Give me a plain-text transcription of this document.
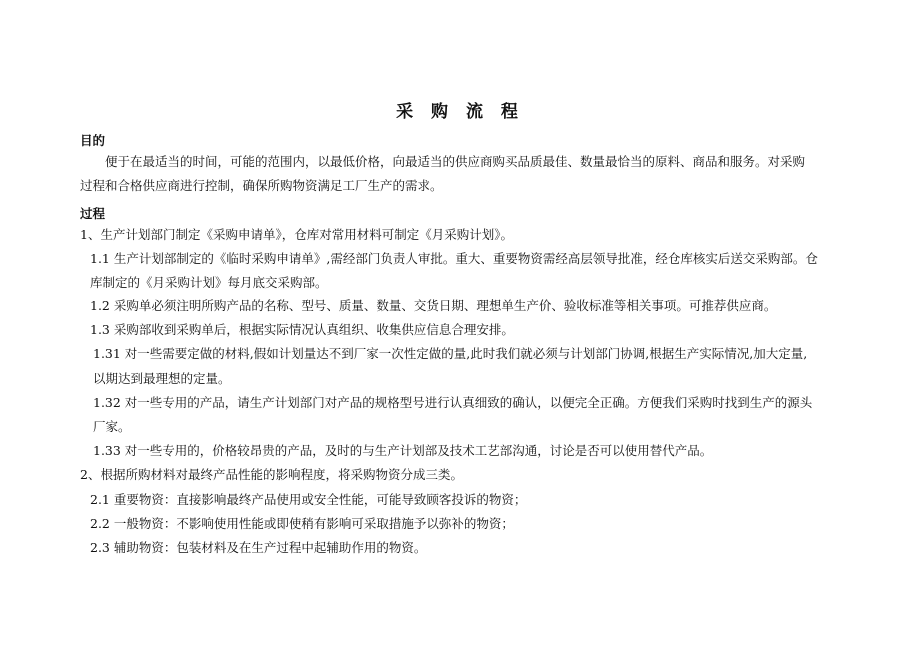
采 购 流 程
目的
便于在最适当的时间，可能的范围内，以最低价格，向最适当的供应商购买品质最佳、数量最恰当的原料、商品和服务。对采购
过程和合格供应商进行控制，确保所购物资满足工厂生产的需求。
过程
1、生产计划部门制定《采购申请单》，仓库对常用材料可制定《月采购计划》。
1.1 生产计划部制定的《临时采购申请单》,需经部门负责人审批。重大、重要物资需经高层领导批准，经仓库核实后送交采购部。仓
库制定的《月采购计划》每月底交采购部。
1.2 采购单必须注明所购产品的名称、型号、质量、数量、交货日期、理想单生产价、验收标准等相关事项。可推荐供应商。
1.3 采购部收到采购单后，根据实际情况认真组织、收集供应信息合理安排。
1.31 对一些需要定做的材料,假如计划量达不到厂家一次性定做的量,此时我们就必须与计划部门协调,根据生产实际情况,加大定量,
以期达到最理想的定量。
1.32 对一些专用的产品，请生产计划部门对产品的规格型号进行认真细致的确认，以便完全正确。方便我们采购时找到生产的源头
厂家。
1.33 对一些专用的，价格较昂贵的产品，及时的与生产计划部及技术工艺部沟通，讨论是否可以使用替代产品。
2、根据所购材料对最终产品性能的影响程度，将采购物资分成三类。
2.1 重要物资：直接影响最终产品使用或安全性能，可能导致顾客投诉的物资；
2.2 一般物资：不影响使用性能或即使稍有影响可采取措施予以弥补的物资；
2.3 辅助物资：包装材料及在生产过程中起辅助作用的物资。
